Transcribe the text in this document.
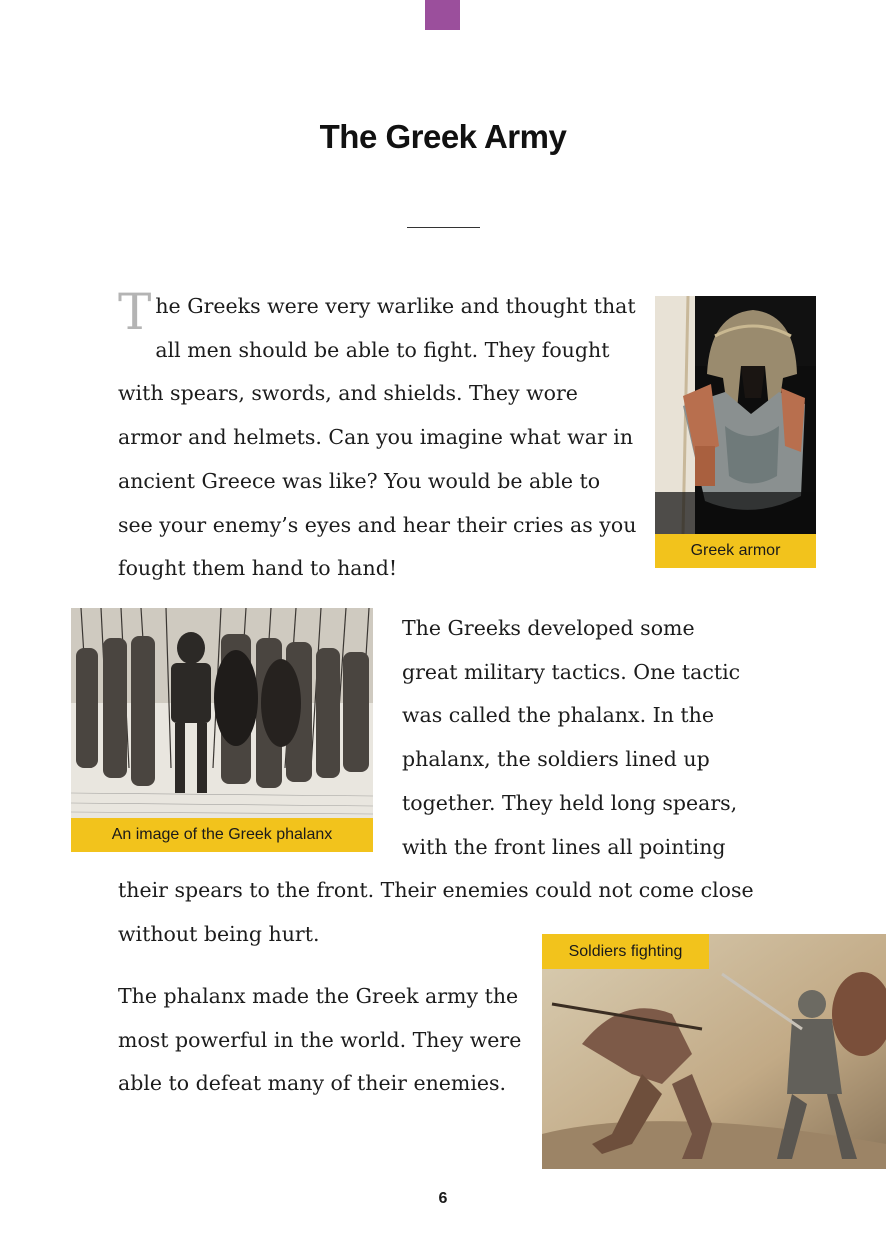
The Greek Army

The Greeks were very warlike and thought that all men should be able to fight. They fought with spears, swords, and shields. They wore armor and helmets. Can you imagine what war in ancient Greece was like? You would be able to see your enemy’s eyes and hear their cries as you fought them hand to hand!

Greek armor
An image of the Greek phalanx

The Greeks developed some great military tactics. One tactic was called the phalanx. In the phalanx, the soldiers lined up together. They held long spears, with the front lines all pointing

their spears to the front. Their enemies could not come close without being hurt.

Soldiers fighting

The phalanx made the Greek army the most powerful in the world. They were able to defeat many of their enemies.

6
